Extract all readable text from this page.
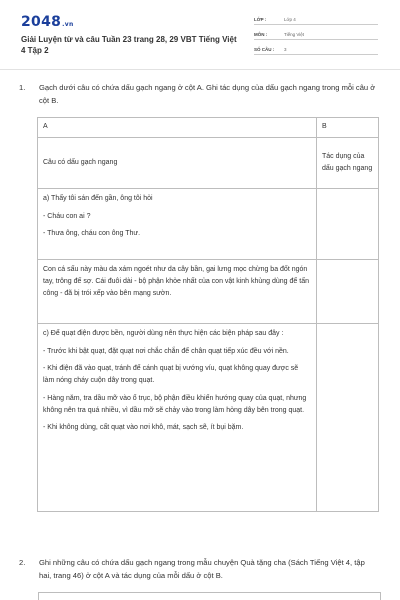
2048.vn
Giải Luyện từ và câu Tuần 23 trang 28, 29 VBT Tiếng Việt 4 Tập 2
LỚP :	Lớp 4
MÔN :	Tiếng Việt
SỐ CÂU : 3
1. Gạch dưới câu có chứa dấu gạch ngang ở cột A. Ghi tác dụng của dấu gạch ngang trong mỗi câu ở cột B.
A	B
Câu có dấu gạch ngang	Tác dụng của dấu gạch ngang

a) Thấy tôi sán đến gần, ông tôi hỏi
- Cháu con ai ?
- Thưa ông, cháu con ông Thư.	

Con cá sấu này màu da xám ngoét như da cây bần, gai lưng mọc chừng ba đốt ngón tay, trông đế sợ. Cái đuôi dài - bộ phận khỏe nhất của con vật kinh khủng dùng để tấn công - đã bị trói xếp vào bên mạng sườn.	

c) Để quạt điện được bền, người dùng nên thực hiện các biện pháp sau đây :
- Trước khi bật quạt, đặt quạt nơi chắc chắn để chân quạt tiếp xúc đều với nền.
- Khi điện đã vào quạt, tránh để cánh quạt bị vướng víu, quạt không quay được sẽ làm nóng cháy cuộn dây trong quạt.
- Hàng năm, tra dầu mỡ vào ổ trục, bộ phận điều khiển hướng quay của quạt, nhưng không nên tra quá nhiều, vì dầu mỡ sẽ chảy vào trong làm hỏng dây bên trong quạt.
- Khi không dùng, cất quạt vào nơi khô, mát, sạch sẽ, ít bụi bặm.	

2. Ghi những câu có chứa dấu gạch ngang trong mẫu chuyện Quà tặng cha (Sách Tiếng Việt 4, tập hai, trang 46) ở cột A và tác dụng của mỗi dấu ở cột B.
